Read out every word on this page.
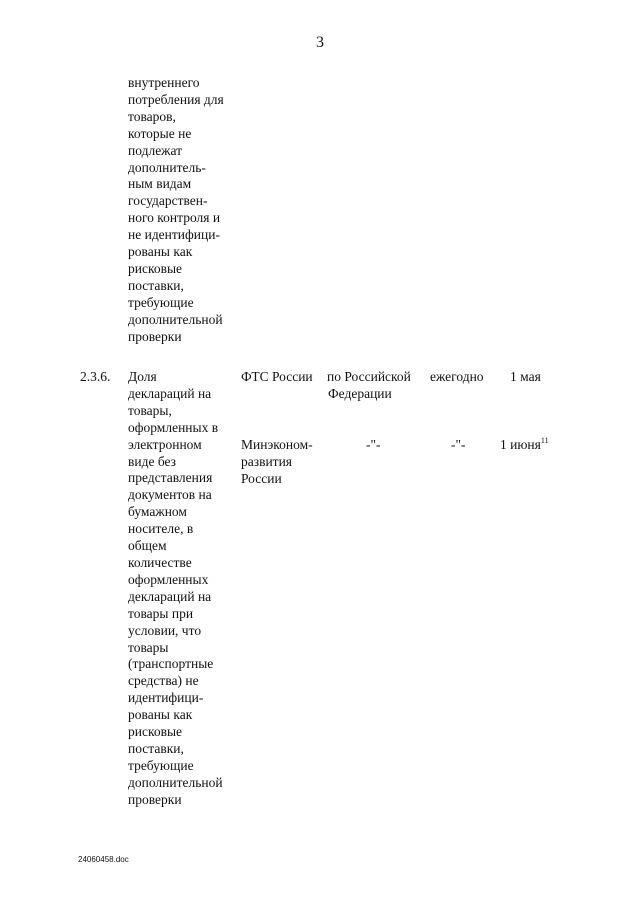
3
внутреннего
потребления для
товаров,
которые не
подлежат
дополнитель-
ным видам
государствен-
ного контроля и
не идентифици-
рованы как
рисковые
поставки,
требующие
дополнительной
проверки
2.3.6. Доля
деклараций на
товары,
оформленных в
электронном
виде без
представления
документов на
бумажном
носителе, в
общем
количестве
оформленных
деклараций на
товары при
условии, что
товары
(транспортные
средства) не
идентифици-
рованы как
рисковые
поставки,
требующие
дополнительной
проверки
ФТС России по Российской
Федерации
ежегодно 1 мая
Минэконом-
развития
России
-"-	-"-	1 июня$^{11}$
24060458.doc
